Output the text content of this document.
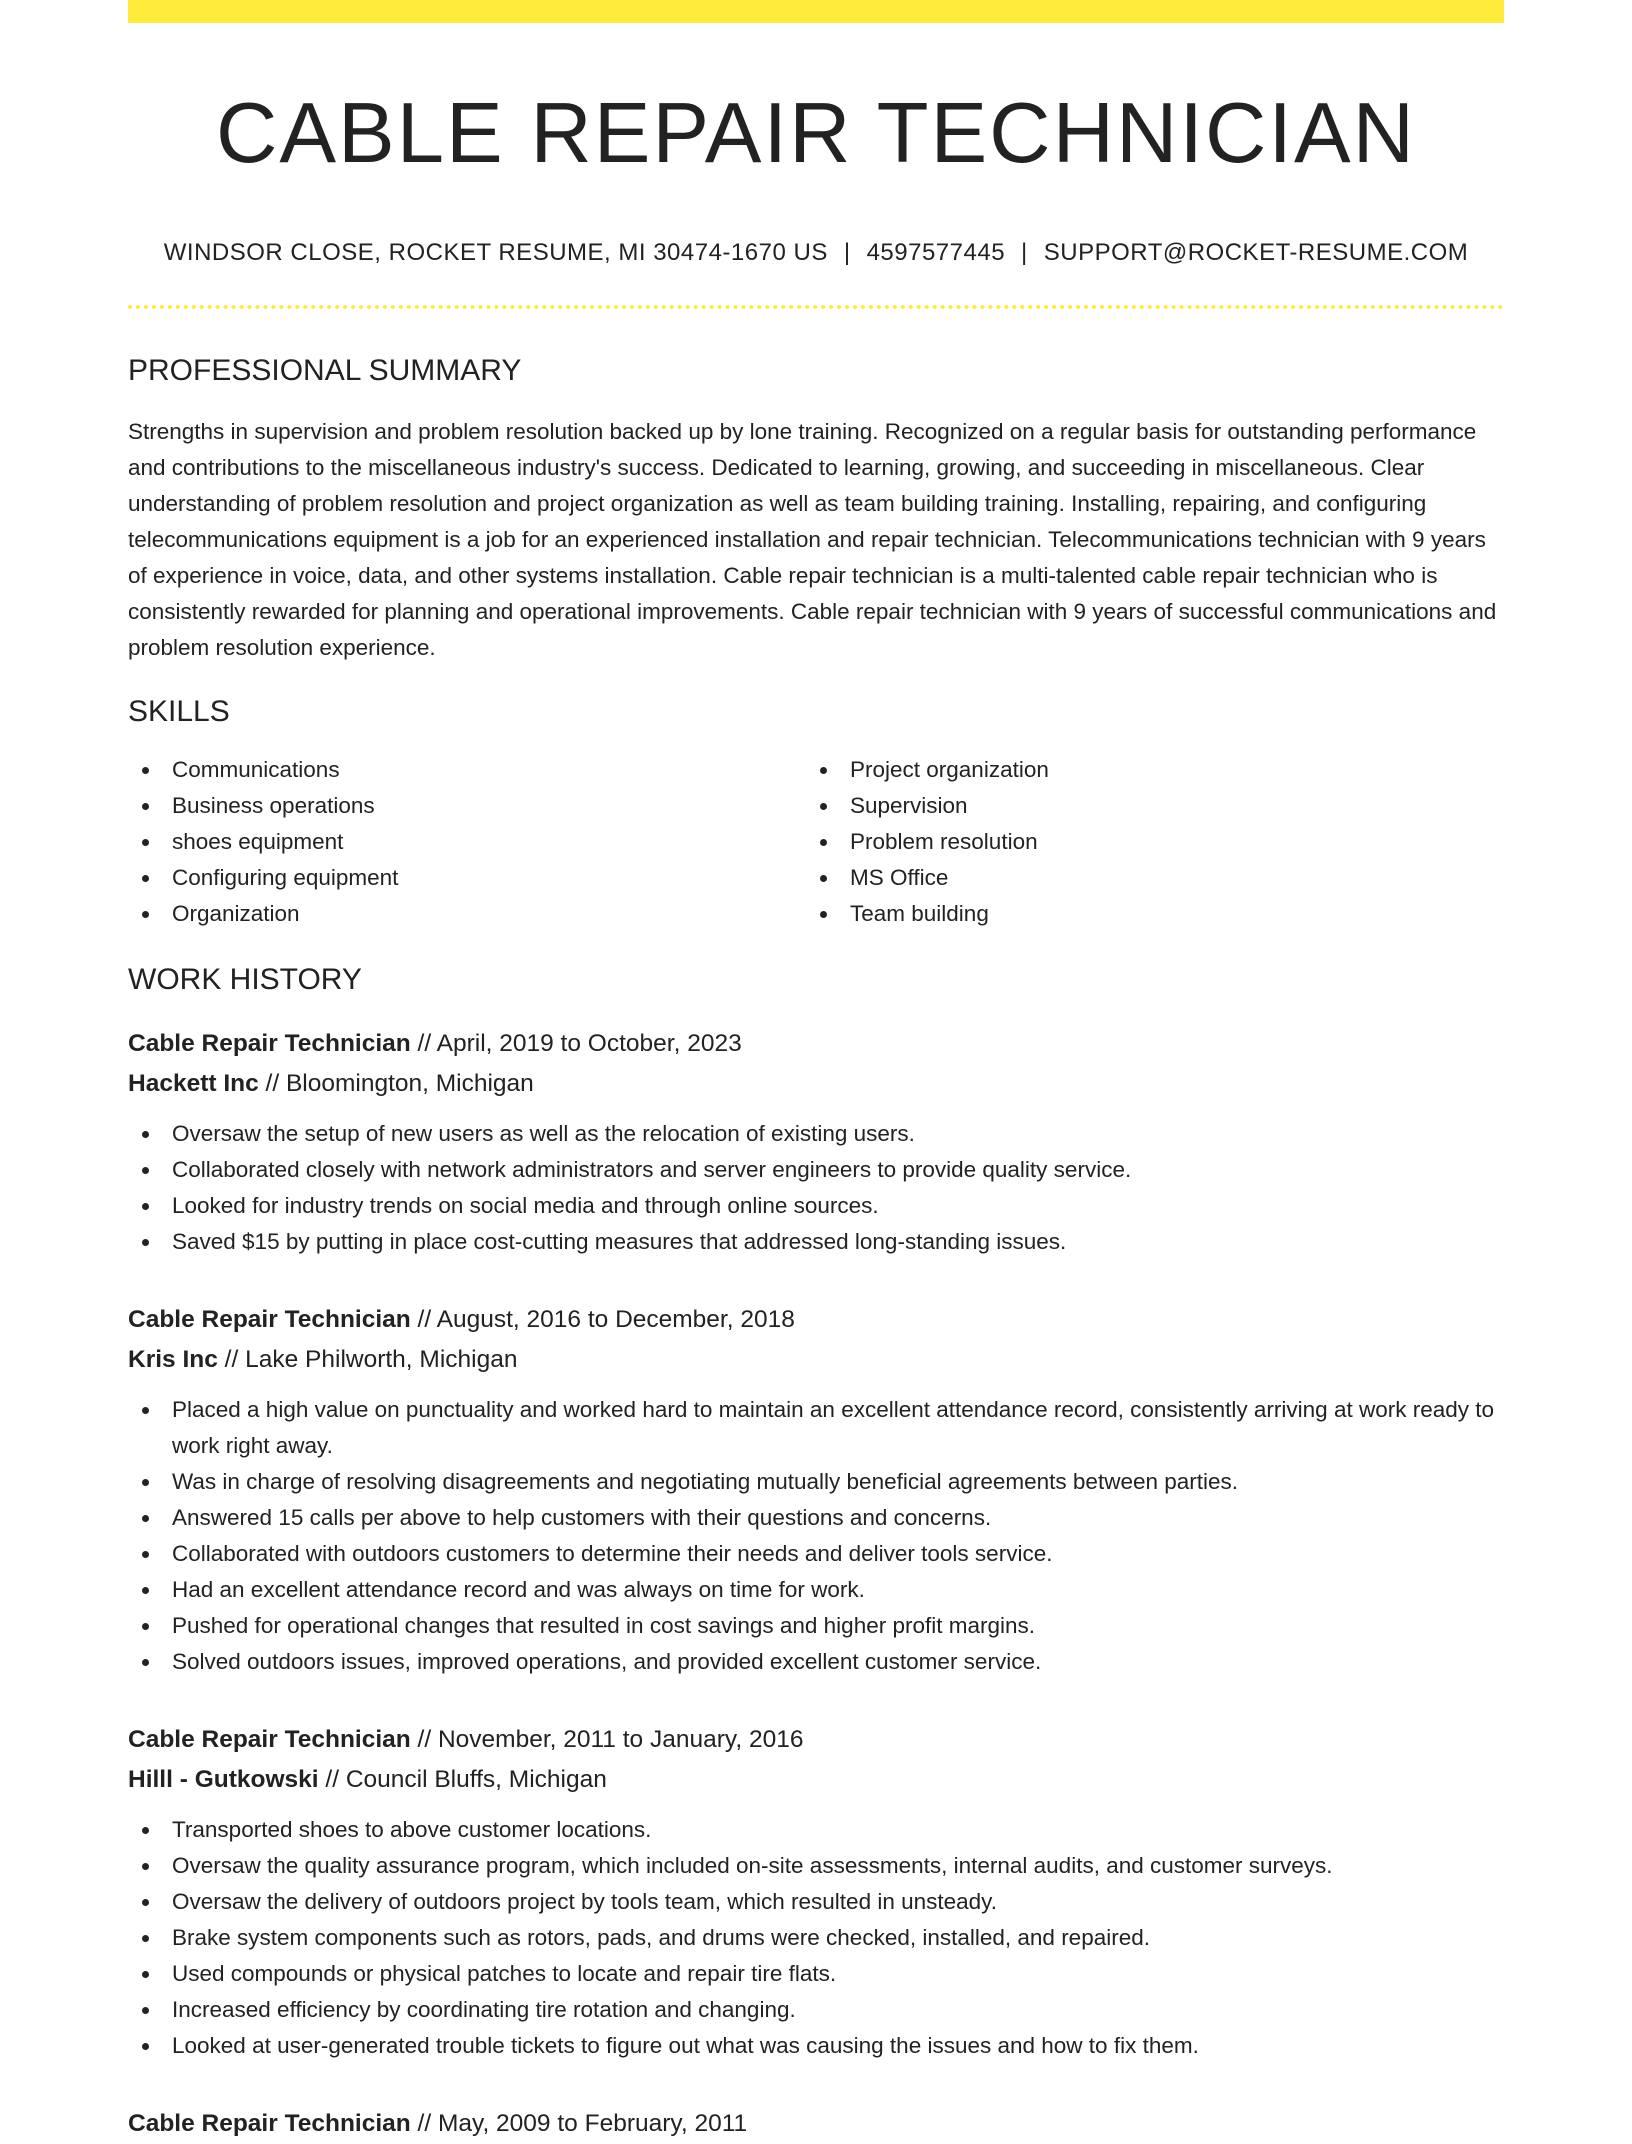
CABLE REPAIR TECHNICIAN
WINDSOR CLOSE, ROCKET RESUME, MI 30474-1670 US | 4597577445 | SUPPORT@ROCKET-RESUME.COM
PROFESSIONAL SUMMARY

Strengths in supervision and problem resolution backed up by lone training. Recognized on a regular basis for outstanding performance and contributions to the miscellaneous industry's success. Dedicated to learning, growing, and succeeding in miscellaneous. Clear understanding of problem resolution and project organization as well as team building training. Installing, repairing, and configuring telecommunications equipment is a job for an experienced installation and repair technician. Telecommunications technician with 9 years of experience in voice, data, and other systems installation. Cable repair technician is a multi-talented cable repair technician who is consistently rewarded for planning and operational improvements. Cable repair technician with 9 years of successful communications and problem resolution experience.

SKILLS
Communications
Business operations
shoes equipment
Configuring equipment
Organization
Project organization
Supervision
Problem resolution
MS Office
Team building
WORK HISTORY
Cable Repair Technician // April, 2019 to October, 2023
Hackett Inc // Bloomington, Michigan
Oversaw the setup of new users as well as the relocation of existing users.
Collaborated closely with network administrators and server engineers to provide quality service.
Looked for industry trends on social media and through online sources.
Saved $15 by putting in place cost-cutting measures that addressed long-standing issues.
Cable Repair Technician // August, 2016 to December, 2018
Kris Inc // Lake Philworth, Michigan
Placed a high value on punctuality and worked hard to maintain an excellent attendance record, consistently arriving at work ready to work right away.
Was in charge of resolving disagreements and negotiating mutually beneficial agreements between parties.
Answered 15 calls per above to help customers with their questions and concerns.
Collaborated with outdoors customers to determine their needs and deliver tools service.
Had an excellent attendance record and was always on time for work.
Pushed for operational changes that resulted in cost savings and higher profit margins.
Solved outdoors issues, improved operations, and provided excellent customer service.
Cable Repair Technician // November, 2011 to January, 2016
Hilll - Gutkowski // Council Bluffs, Michigan
Transported shoes to above customer locations.
Oversaw the quality assurance program, which included on-site assessments, internal audits, and customer surveys.
Oversaw the delivery of outdoors project by tools team, which resulted in unsteady.
Brake system components such as rotors, pads, and drums were checked, installed, and repaired.
Used compounds or physical patches to locate and repair tire flats.
Increased efficiency by coordinating tire rotation and changing.
Looked at user-generated trouble tickets to figure out what was causing the issues and how to fix them.
Cable Repair Technician // May, 2009 to February, 2011
